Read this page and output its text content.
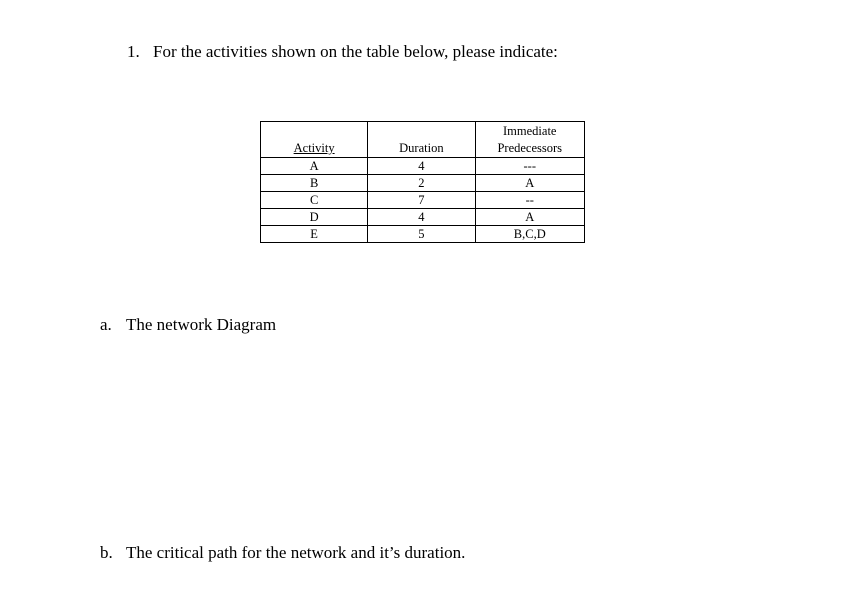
1. For the activities shown on the table below, please indicate:
Activity	Duration	Immediate Predecessors
A	4	---
B	2	A
C	7	--
D	4	A
E	5	B,C,D
a. The network Diagram
b. The critical path for the network and it’s duration.
